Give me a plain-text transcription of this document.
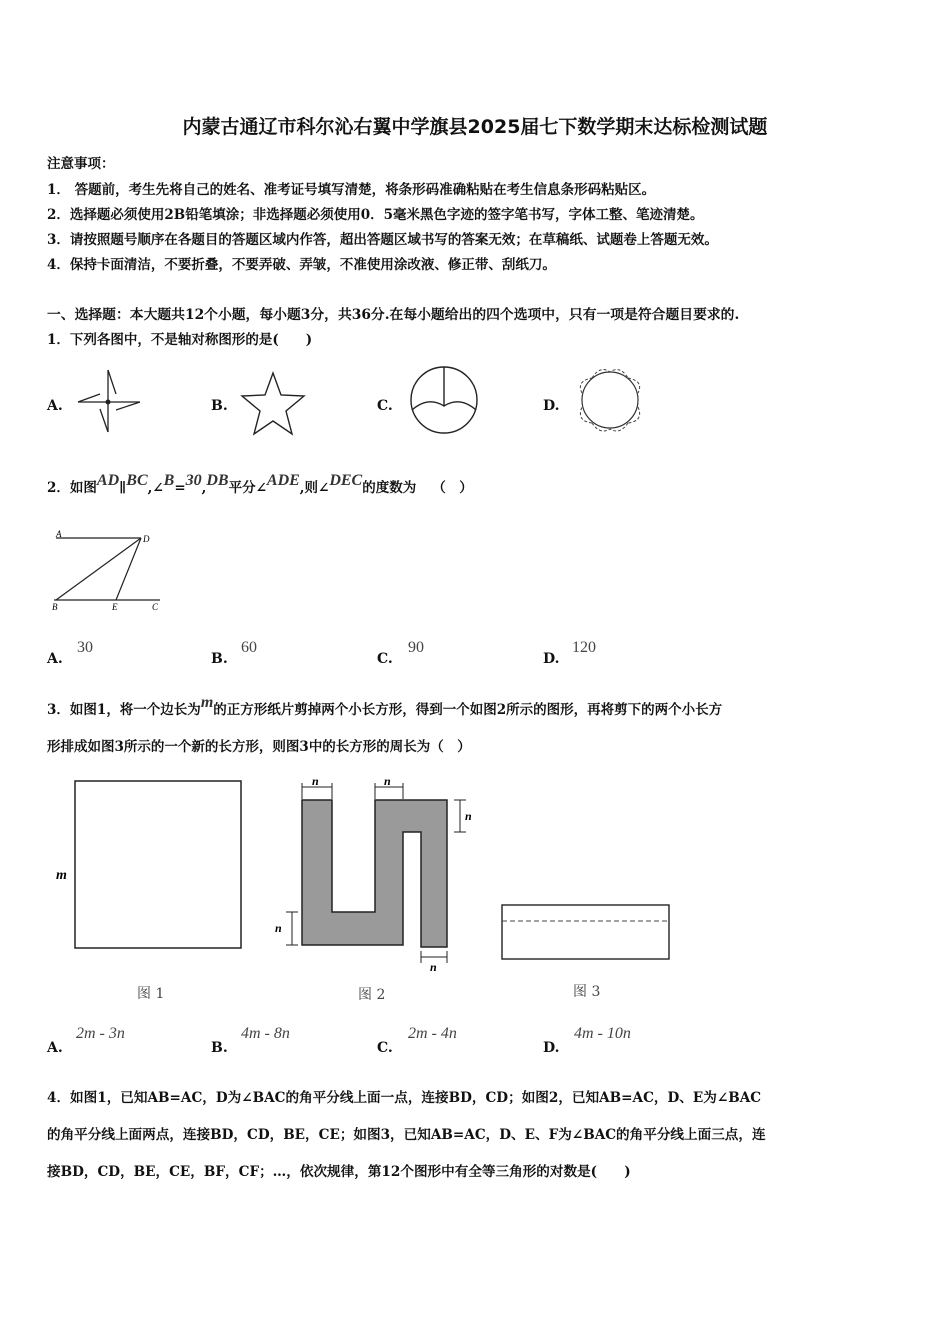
内蒙古通辽市科尔沁右翼中学旗县2025届七下数学期末达标检测试题
注意事项：
1． 答题前，考生先将自己的姓名、准考证号填写清楚，将条形码准确粘贴在考生信息条形码粘贴区。
2．选择题必须使用2B铅笔填涂；非选择题必须使用0．5毫米黑色字迹的签字笔书写，字体工整、笔迹清楚。
3．请按照题号顺序在各题目的答题区域内作答，超出答题区域书写的答案无效；在草稿纸、试题卷上答题无效。
4．保持卡面清洁，不要折叠，不要弄破、弄皱，不准使用涂改液、修正带、刮纸刀。
一、选择题：本大题共12个小题，每小题3分，共36分.在每小题给出的四个选项中，只有一项是符合题目要求的.
1．下列各图中，不是轴对称图形的是(　　)
A.	B.	C.	D.
2．如图AD∥BC,∠B=30,DB平分∠ADE,则∠DEC的度数为 （　）
A	D
B	E	C
A.
30
B.
60
C.
90
D.
120
3．如图1，将一个边长为m的正方形纸片剪掉两个小长方形，得到一个如图2所示的图形，再将剪下的两个小长方
形排成如图3所示的一个新的长方形，则图3中的长方形的周长为（　）
m
图 1
n	n
n
n
n
图 2	图 3
A.
2m - 3n
B.
4m - 8n
C.
2m - 4n
D.
4m - 10n
4．如图1，已知AB=AC，D为∠BAC的角平分线上面一点，连接BD，CD；如图2，已知AB=AC，D、E为∠BAC
的角平分线上面两点，连接BD，CD，BE，CE；如图3，已知AB=AC，D、E、F为∠BAC的角平分线上面三点，连
接BD，CD，BE，CE，BF，CF；…，依次规律，第12个图形中有全等三角形的对数是(　　)
